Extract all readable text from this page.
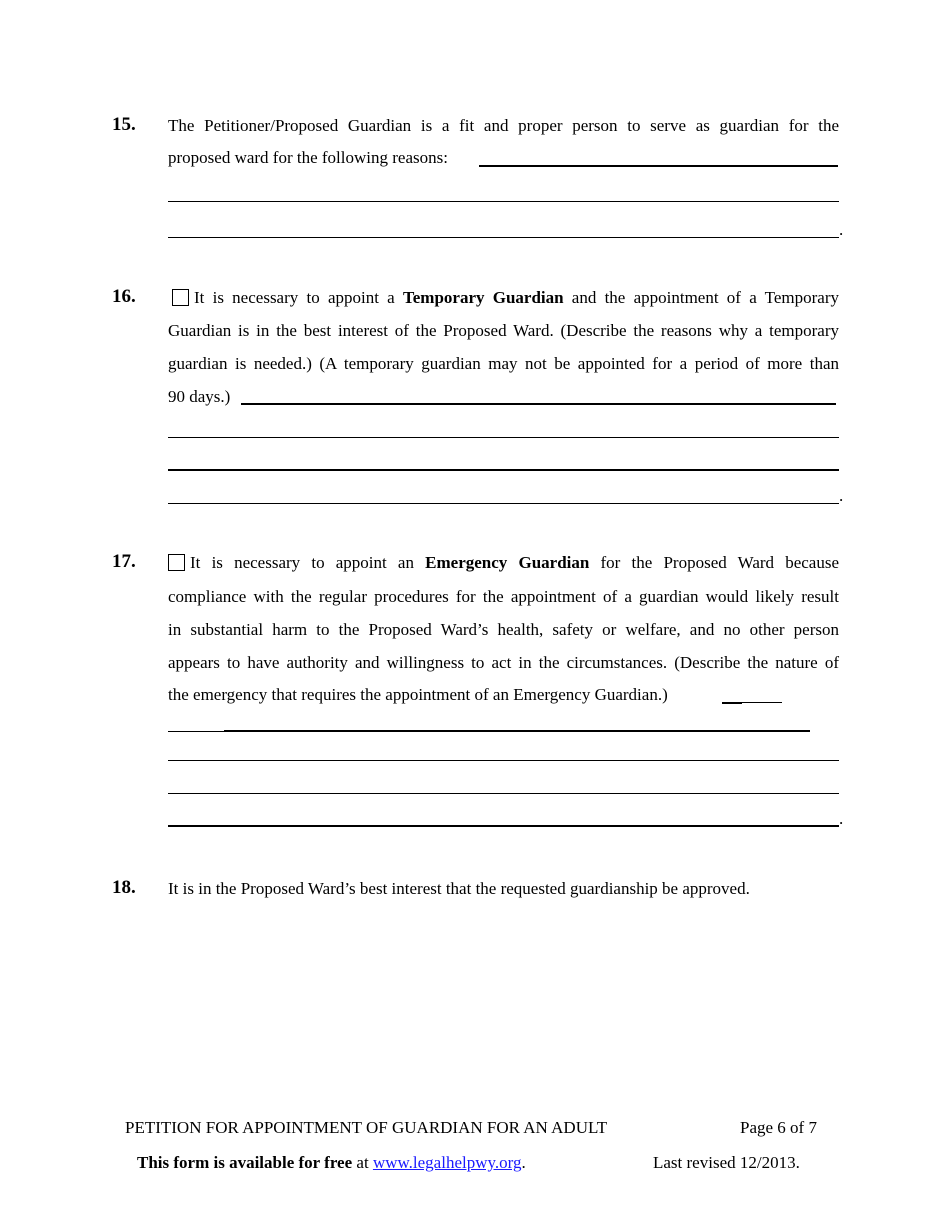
15. The Petitioner/Proposed Guardian is a fit and proper person to serve as guardian for the
proposed ward for the following reasons:
.
16.	It is necessary to appoint a Temporary Guardian and the appointment of a Temporary
Guardian is in the best interest of the Proposed Ward. (Describe the reasons why a temporary
guardian is needed.) (A temporary guardian may not be appointed for a period of more than
90 days.)
.
17.	It is necessary to appoint an Emergency Guardian for the Proposed Ward because
compliance with the regular procedures for the appointment of a guardian would likely result
in substantial harm to the Proposed Ward’s health, safety or welfare, and no other person
appears to have authority and willingness to act in the circumstances. (Describe the nature of
the emergency that requires the appointment of an Emergency Guardian.)
.
18. It is in the Proposed Ward’s best interest that the requested guardianship be approved.
PETITION FOR APPOINTMENT OF GUARDIAN FOR AN ADULT	Page 6 of 7
This form is available for free at www.legalhelpwy.org.	Last revised 12/2013.
